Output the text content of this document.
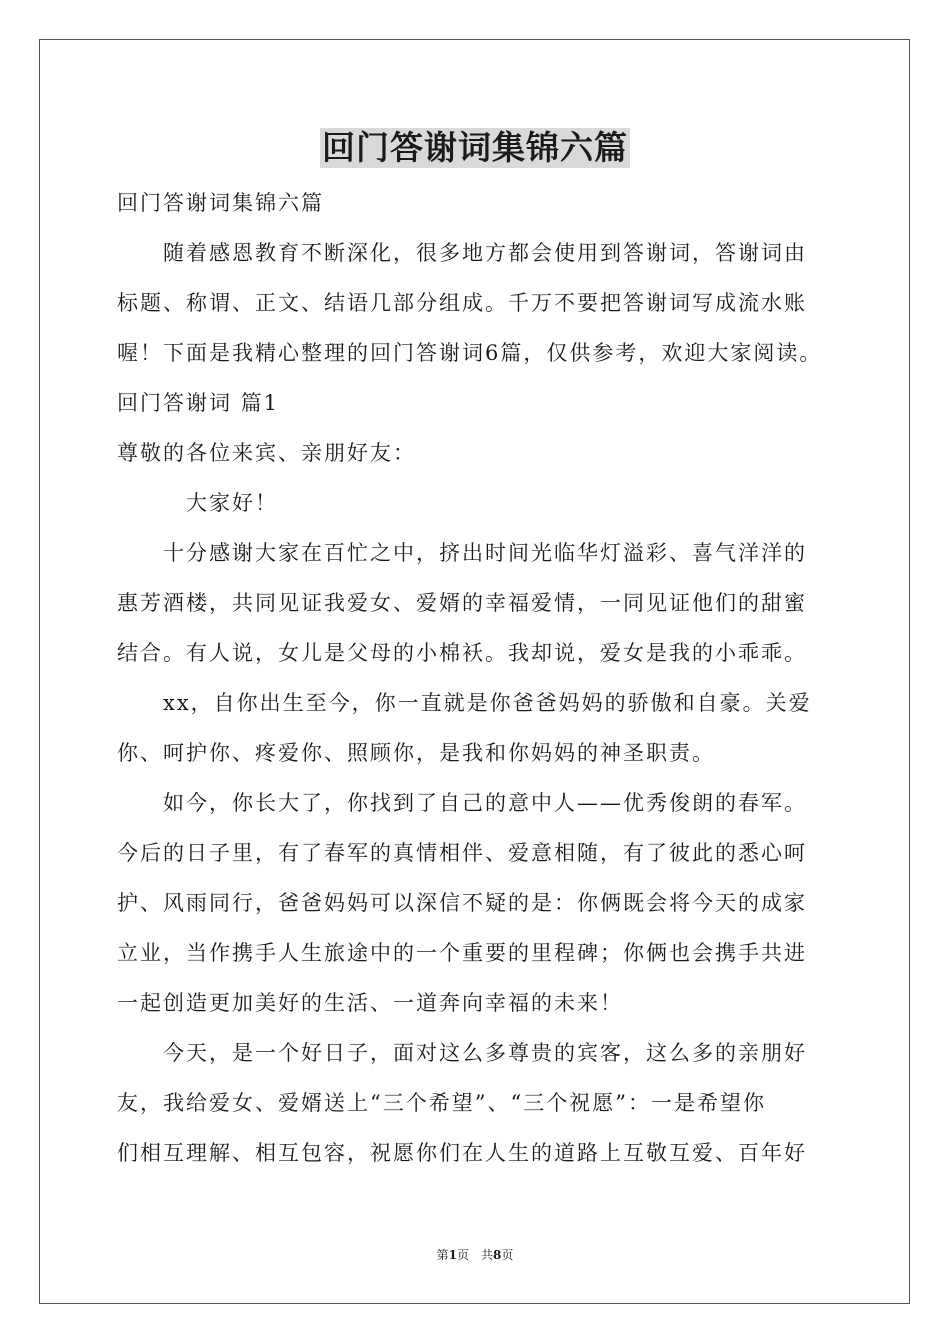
回门答谢词集锦六篇
回门答谢词集锦六篇
　　随着感恩教育不断深化，很多地方都会使用到答谢词，答谢词由
标题、称谓、正文、结语几部分组成。千万不要把答谢词写成流水账
喔！下面是我精心整理的回门答谢词6篇，仅供参考，欢迎大家阅读。
回门答谢词 篇1
尊敬的各位来宾、亲朋好友：
　　　大家好！
　　十分感谢大家在百忙之中，挤出时间光临华灯溢彩、喜气洋洋的
惠芳酒楼，共同见证我爱女、爱婿的幸福爱情，一同见证他们的甜蜜
结合。有人说，女儿是父母的小棉袄。我却说，爱女是我的小乖乖。
　　xx，自你出生至今，你一直就是你爸爸妈妈的骄傲和自豪。关爱
你、呵护你、疼爱你、照顾你，是我和你妈妈的神圣职责。
　　如今，你长大了，你找到了自己的意中人——优秀俊朗的春军。
今后的日子里，有了春军的真情相伴、爱意相随，有了彼此的悉心呵
护、风雨同行，爸爸妈妈可以深信不疑的是：你俩既会将今天的成家
立业，当作携手人生旅途中的一个重要的里程碑；你俩也会携手共进
一起创造更加美好的生活、一道奔向幸福的未来！
　　今天，是一个好日子，面对这么多尊贵的宾客，这么多的亲朋好
友，我给爱女、爱婿送上“三个希望”、“三个祝愿”：一是希望你
们相互理解、相互包容，祝愿你们在人生的道路上互敬互爱、百年好
第1页　共8页
